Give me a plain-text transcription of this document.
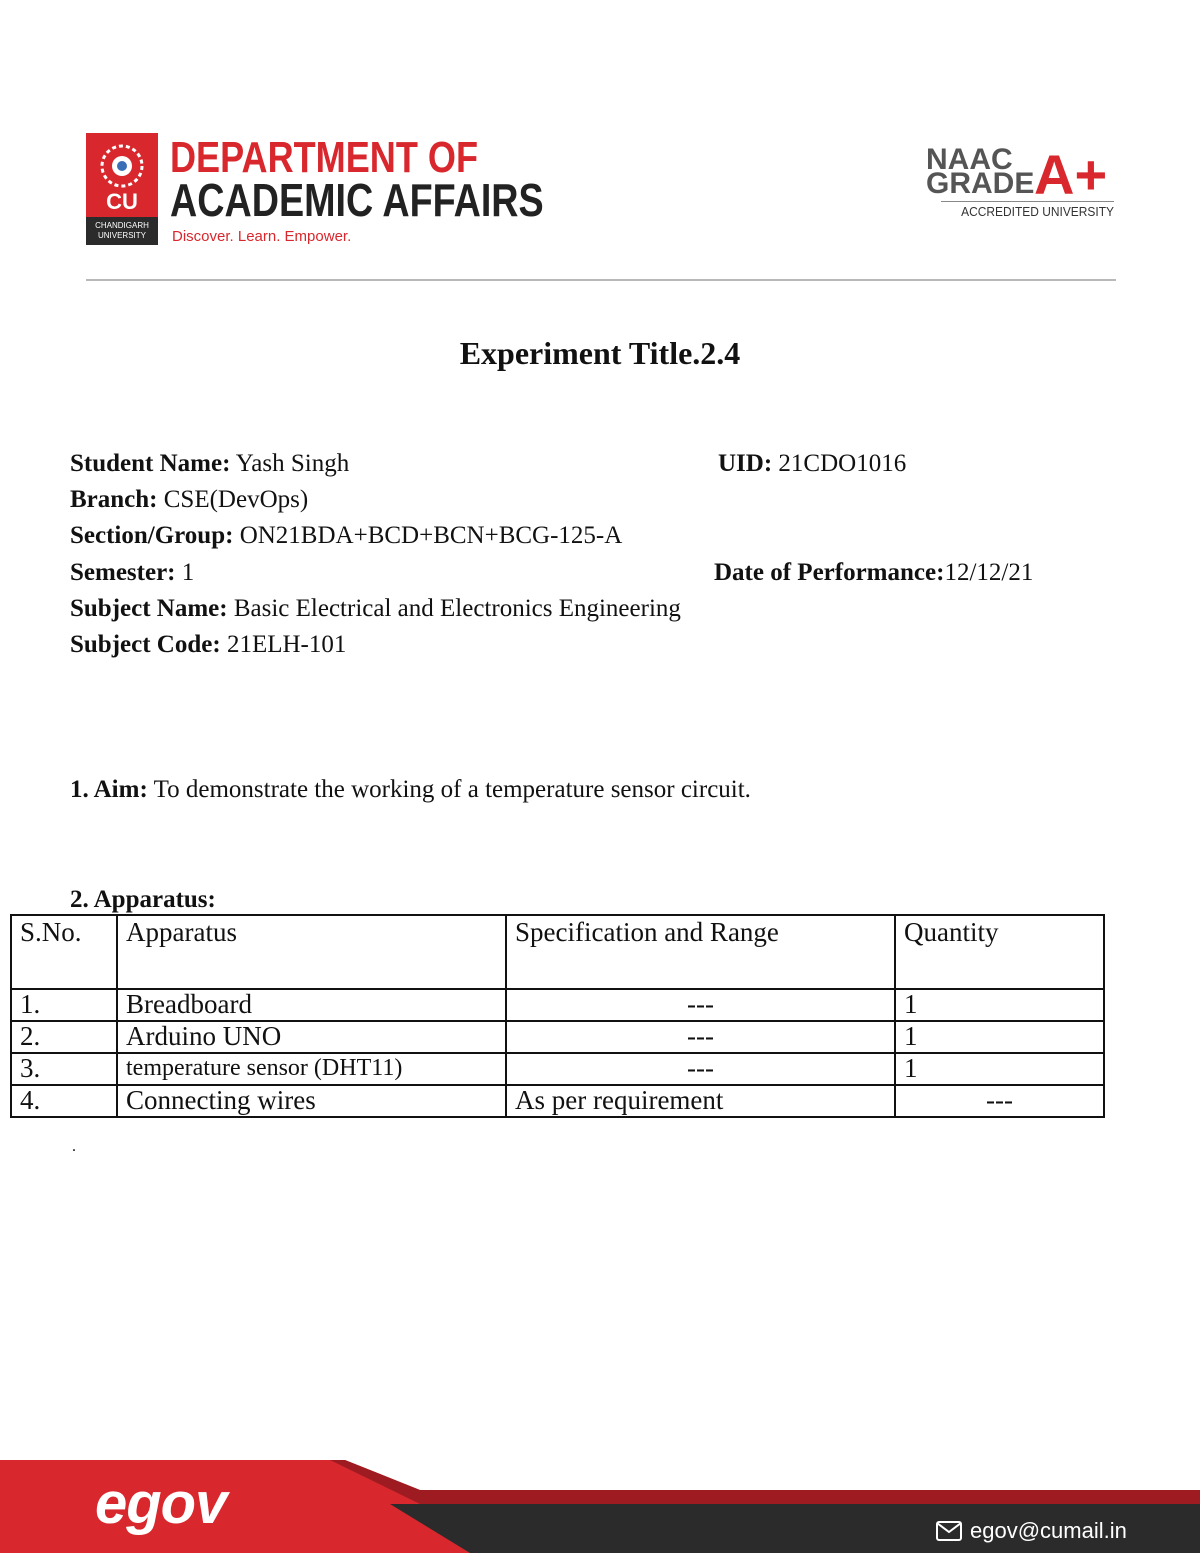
CU
CHANDIGARH UNIVERSITY
DEPARTMENT OF
ACADEMIC AFFAIRS
Discover. Learn. Empower.
NAAC
GRADE A+
ACCREDITED UNIVERSITY
Experiment Title.2.4
Student Name: Yash Singh	UID: 21CDO1016
Branch: CSE(DevOps)
Section/Group: ON21BDA+BCD+BCN+BCG-125-A
Semester: 1	Date of Performance:12/12/21
Subject Name: Basic Electrical and Electronics Engineering
Subject Code: 21ELH-101
1. Aim: To demonstrate the working of a temperature sensor circuit.
2. Apparatus:
S.No.	Apparatus	Specification and Range	Quantity
1.	Breadboard	---	1
2.	Arduino UNO	---	1
3.	temperature sensor (DHT11)	---	1
4.	Connecting wires	As per requirement	---
.
egov	egov@cumail.in
